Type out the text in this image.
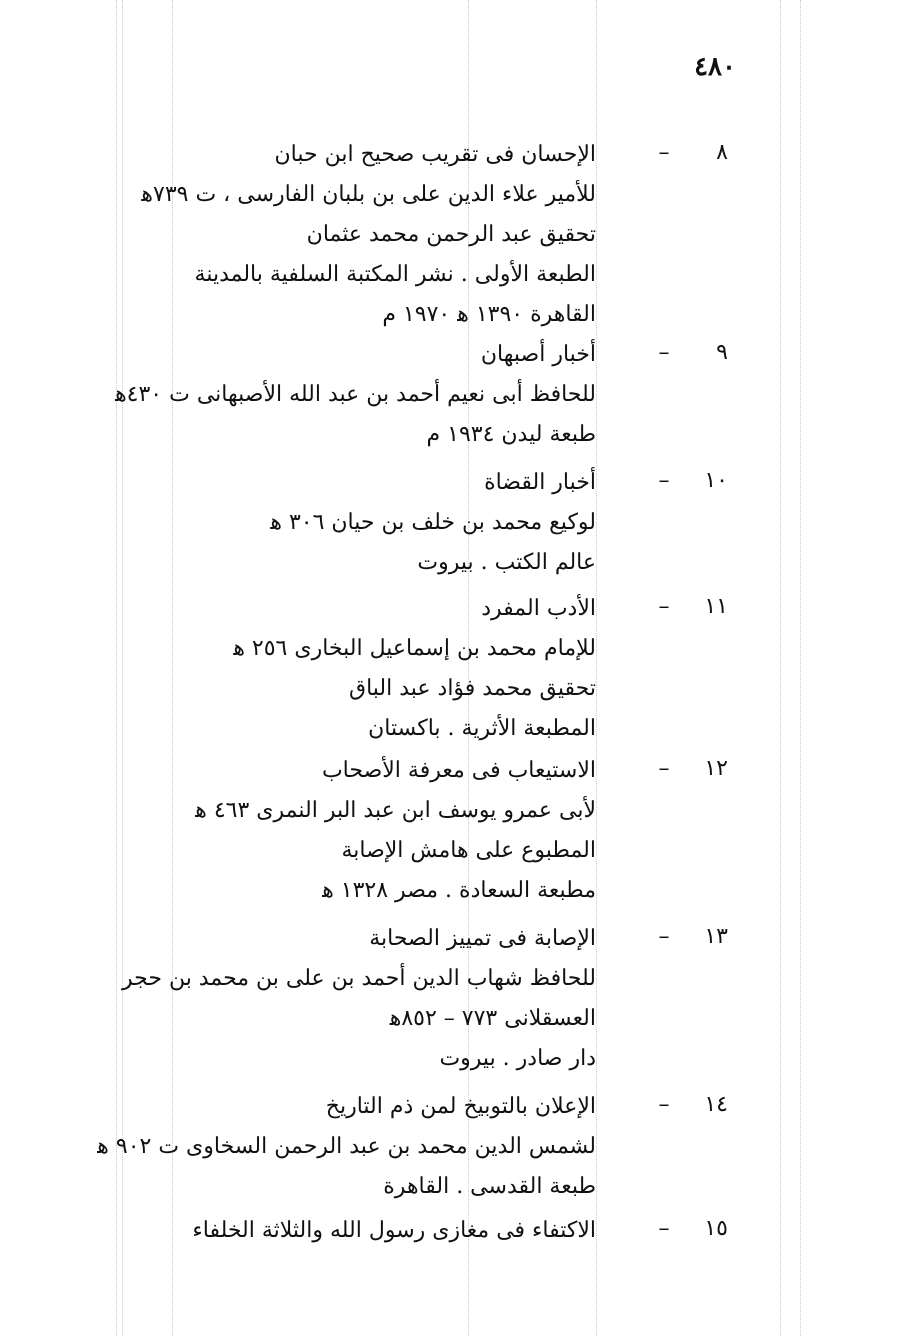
٤٨٠
٨
–
الإحسان فى تقريب صحيح ابن حبان
للأمير علاء الدين على بن بلبان الفارسى ، ت ٧٣٩ﻫ
تحقيق عبد الرحمن محمد عثمان
الطبعة الأولى . نشر المكتبة السلفية بالمدينة
القاهرة ١٣٩٠ ﻫ ١٩٧٠ م
٩
–
أخبار أصبهان
للحافظ أبى نعيم أحمد بن عبد الله الأصبهانى ت ٤٣٠ﻫ
طبعة ليدن ١٩٣٤ م
١٠
–
أخبار القضاة
لوكيع محمد بن خلف بن حيان ٣٠٦ ﻫ
عالم الكتب . بيروت
١١
–
الأدب المفرد
للإمام محمد بن إسماعيل البخارى ٢٥٦ ﻫ
تحقيق محمد فؤاد عبد الباق
المطبعة الأثرية . باكستان
١٢
–
الاستيعاب فى معرفة الأصحاب
لأبى عمرو يوسف ابن عبد البر النمرى ٤٦٣ ﻫ
المطبوع على هامش الإصابة
مطبعة السعادة . مصر ١٣٢٨ ﻫ
١٣
–
الإصابة فى تمييز الصحابة
للحافظ شهاب الدين أحمد بن على بن محمد بن حجر
العسقلانى ٧٧٣ – ٨٥٢ﻫ
دار صادر . بيروت
١٤
–
الإعلان بالتوبيخ لمن ذم التاريخ
لشمس الدين محمد بن عبد الرحمن السخاوى ت ٩٠٢ ﻫ
طبعة القدسى . القاهرة
١٥
–
الاكتفاء فى مغازى رسول الله والثلاثة الخلفاء
